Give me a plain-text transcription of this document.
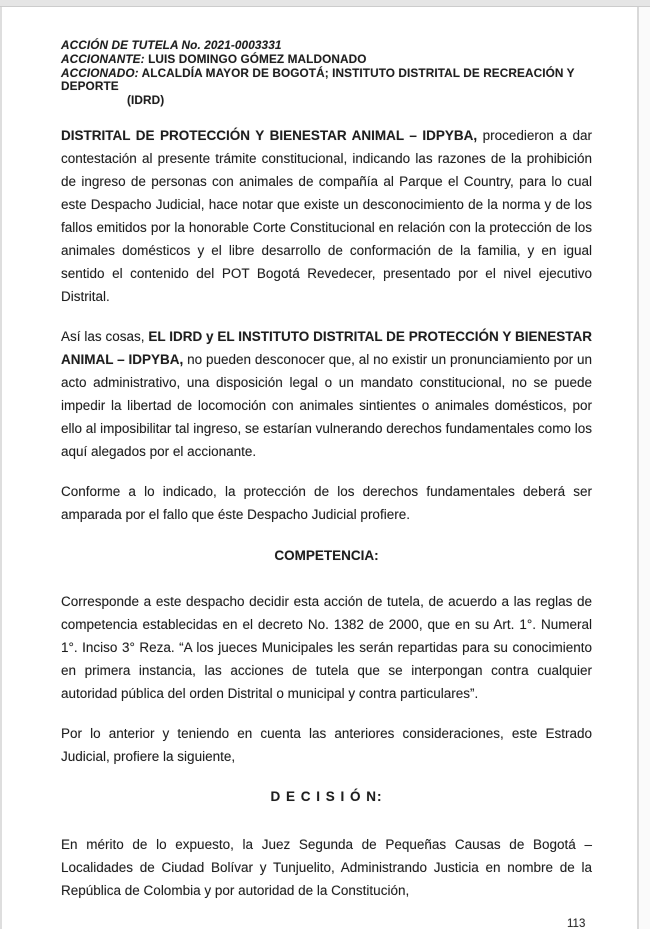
ACCIÓN DE TUTELA No. 2021-0003331
ACCIONANTE: LUIS DOMINGO GÓMEZ MALDONADO
ACCIONADO: ALCALDÍA MAYOR DE BOGOTÁ; INSTITUTO DISTRITAL DE RECREACIÓN Y DEPORTE
(IDRD)

DISTRITAL DE PROTECCIÓN Y BIENESTAR ANIMAL – IDPYBA, procedieron a dar contestación al presente trámite constitucional, indicando las razones de la prohibición de ingreso de personas con animales de compañía al Parque el Country, para lo cual este Despacho Judicial, hace notar que existe un desconocimiento de la norma y de los fallos emitidos por la honorable Corte Constitucional en relación con la protección de los animales domésticos y el libre desarrollo de conformación de la familia, y en igual sentido el contenido del POT Bogotá Revedecer, presentado por el nivel ejecutivo Distrital.

Así las cosas, EL IDRD y EL INSTITUTO DISTRITAL DE PROTECCIÓN Y BIENESTAR ANIMAL – IDPYBA, no pueden desconocer que, al no existir un pronunciamiento por un acto administrativo, una disposición legal o un mandato constitucional, no se puede impedir la libertad de locomoción con animales sintientes o animales domésticos, por ello al imposibilitar tal ingreso, se estarían vulnerando derechos fundamentales como los aquí alegados por el accionante.

Conforme a lo indicado, la protección de los derechos fundamentales deberá ser amparada por el fallo que éste Despacho Judicial profiere.

COMPETENCIA:

Corresponde a este despacho decidir esta acción de tutela, de acuerdo a las reglas de competencia establecidas en el decreto No. 1382 de 2000, que en su Art. 1°. Numeral 1°. Inciso 3° Reza. “A los jueces Municipales les serán repartidas para su conocimiento en primera instancia, las acciones de tutela que se interpongan contra cualquier autoridad pública del orden Distrital o municipal y contra particulares”.

Por lo anterior y teniendo en cuenta las anteriores consideraciones, este Estrado Judicial, profiere la siguiente,

D E C I S I Ó N:

En mérito de lo expuesto, la Juez Segunda de Pequeñas Causas de Bogotá – Localidades de Ciudad Bolívar y Tunjuelito, Administrando Justicia en nombre de la República de Colombia y por autoridad de la Constitución,

113
